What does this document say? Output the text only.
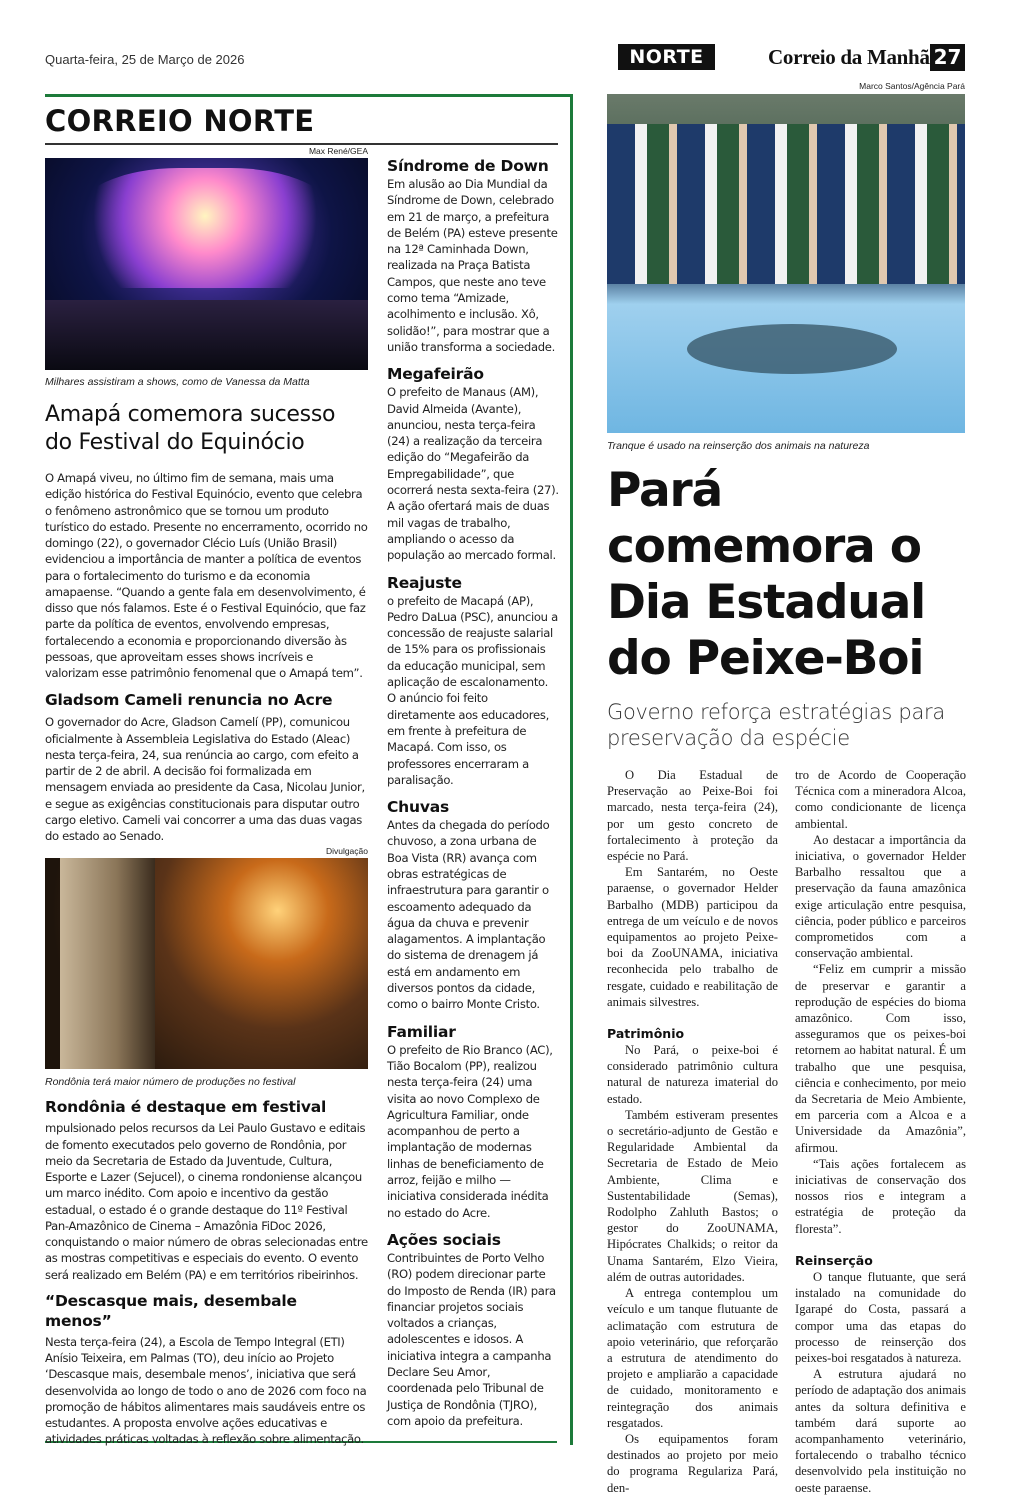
Quarta-feira, 25 de Março de 2026	NORTE	Correio da Manhã 27
CORREIO NORTE
Max René/GEA
Milhares assistiram a shows, como de Vanessa da Matta
Amapá comemora sucesso do Festival do Equinócio
O Amapá viveu, no último fim de semana, mais uma edição histórica do Festival Equinócio, evento que celebra o fenômeno astronômico que se tornou um produto turístico do estado. Presente no encerramento, ocorrido no domingo (22), o governador Clécio Luís (União Brasil) evidenciou a importância de manter a política de eventos para o fortalecimento do turismo e da economia amapaense. “Quando a gente fala em desenvolvimento, é disso que nós falamos. Este é o Festival Equinócio, que faz parte da política de eventos, envolvendo empresas, fortalecendo a economia e proporcionando diversão às pessoas, que aproveitam esses shows incríveis e valorizam esse patrimônio fenomenal que o Amapá tem”.
Gladsom Cameli renuncia no Acre
O governador do Acre, Gladson Camelí (PP), comunicou oficialmente à Assembleia Legislativa do Estado (Aleac) nesta terça-feira, 24, sua renúncia ao cargo, com efeito a partir de 2 de abril. A decisão foi formalizada em mensagem enviada ao presidente da Casa, Nicolau Junior, e segue as exigências constitucionais para disputar outro cargo eletivo. Cameli vai concorrer a uma das duas vagas do estado ao Senado.
Divulgação
Rondônia terá maior número de produções no festival
Rondônia é destaque em festival
mpulsionado pelos recursos da Lei Paulo Gustavo e editais de fomento executados pelo governo de Rondônia, por meio da Secretaria de Estado da Juventude, Cultura, Esporte e Lazer (Sejucel), o cinema rondoniense alcançou um marco inédito. Com apoio e incentivo da gestão estadual, o estado é o grande destaque do 11º Festival Pan-Amazônico de Cinema – Amazônia FiDoc 2026, conquistando o maior número de obras selecionadas entre as mostras competitivas e especiais do evento. O evento será realizado em Belém (PA) e em territórios ribeirinhos.
“Descasque mais, desembale menos”
Nesta terça-feira (24), a Escola de Tempo Integral (ETI) Anísio Teixeira, em Palmas (TO), deu início ao Projeto ‘Descasque mais, desembale menos’, iniciativa que será desenvolvida ao longo de todo o ano de 2026 com foco na promoção de hábitos alimentares mais saudáveis entre os estudantes. A proposta envolve ações educativas e atividades práticas voltadas à reflexão sobre alimentação.
Síndrome de Down
Em alusão ao Dia Mundial da Síndrome de Down, celebrado em 21 de março, a prefeitura de Belém (PA) esteve presente na 12ª Caminhada Down, realizada na Praça Batista Campos, que neste ano teve como tema “Amizade, acolhimento e inclusão. Xô, solidão!”, para mostrar que a união transforma a sociedade.
Megafeirão
O prefeito de Manaus (AM), David Almeida (Avante), anunciou, nesta terça-feira (24) a realização da terceira edição do “Megafeirão da Empregabilidade”, que ocorrerá nesta sexta-feira (27). A ação ofertará mais de duas mil vagas de trabalho, ampliando o acesso da população ao mercado formal.
Reajuste
o prefeito de Macapá (AP), Pedro DaLua (PSC), anunciou a concessão de reajuste salarial de 15% para os profissionais da educação municipal, sem aplicação de escalonamento. O anúncio foi feito diretamente aos educadores, em frente à prefeitura de Macapá. Com isso, os professores encerraram a paralisação.
Chuvas
Antes da chegada do período chuvoso, a zona urbana de Boa Vista (RR) avança com obras estratégicas de infraestrutura para garantir o escoamento adequado da água da chuva e prevenir alagamentos. A implantação do sistema de drenagem já está em andamento em diversos pontos da cidade, como o bairro Monte Cristo.
Familiar
O prefeito de Rio Branco (AC), Tião Bocalom (PP), realizou nesta terça-feira (24) uma visita ao novo Complexo de Agricultura Familiar, onde acompanhou de perto a implantação de modernas linhas de beneficiamento de arroz, feijão e milho — iniciativa considerada inédita no estado do Acre.
Ações sociais
Contribuintes de Porto Velho (RO) podem direcionar parte do Imposto de Renda (IR) para financiar projetos sociais voltados a crianças, adolescentes e idosos. A iniciativa integra a campanha Declare Seu Amor, coordenada pelo Tribunal de Justiça de Rondônia (TJRO), com apoio da prefeitura.
Marco Santos/Agência Pará
Tranque é usado na reinserção dos animais na natureza
Pará comemora o Dia Estadual do Peixe-Boi
Governo reforça estratégias para preservação da espécie

O Dia Estadual de Preservação ao Peixe-Boi foi marcado, nesta terça-feira (24), por um gesto concreto de fortalecimento à proteção da espécie no Pará.

Em Santarém, no Oeste paraense, o governador Helder Barbalho (MDB) participou da entrega de um veículo e de novos equipamentos ao projeto Peixe-boi da ZooUNAMA, iniciativa reconhecida pelo trabalho de resgate, cuidado e reabilitação de animais silvestres.

Patrimônio

No Pará, o peixe-boi é considerado patrimônio cultura natural de natureza imaterial do estado.

Também estiveram presentes o secretário-adjunto de Gestão e Regularidade Ambiental da Secretaria de Estado de Meio Ambiente, Clima e Sustentabilidade (Semas), Rodolpho Zahluth Bastos; o gestor do ZooUNAMA, Hipócrates Chalkids; o reitor da Unama Santarém, Elzo Vieira, além de outras autoridades.

A entrega contemplou um veículo e um tanque flutuante de aclimatação com estrutura de apoio veterinário, que reforçarão a estrutura de atendimento do projeto e ampliarão a capacidade de cuidado, monitoramento e reintegração dos animais resgatados.

Os equipamentos foram destinados ao projeto por meio do programa Regulariza Pará, den-

tro de Acordo de Cooperação Técnica com a mineradora Alcoa, como condicionante de licença ambiental.

Ao destacar a importância da iniciativa, o governador Helder Barbalho ressaltou que a preservação da fauna amazônica exige articulação entre pesquisa, ciência, poder público e parceiros comprometidos com a conservação ambiental.

“Feliz em cumprir a missão de preservar e garantir a reprodução de espécies do bioma amazônico. Com isso, asseguramos que os peixes-boi retornem ao habitat natural. É um trabalho que une pesquisa, ciência e conhecimento, por meio da Secretaria de Meio Ambiente, em parceria com a Alcoa e a Universidade da Amazônia”, afirmou.

“Tais ações fortalecem as iniciativas de conservação dos nossos rios e integram a estratégia de proteção da floresta”.

Reinserção

O tanque flutuante, que será instalado na comunidade do Igarapé do Costa, passará a compor uma das etapas do processo de reinserção dos peixes-boi resgatados à natureza.

A estrutura ajudará no período de adaptação dos animais antes da soltura definitiva e também dará suporte ao acompanhamento veterinário, fortalecendo o trabalho técnico desenvolvido pela instituição no oeste paraense.
